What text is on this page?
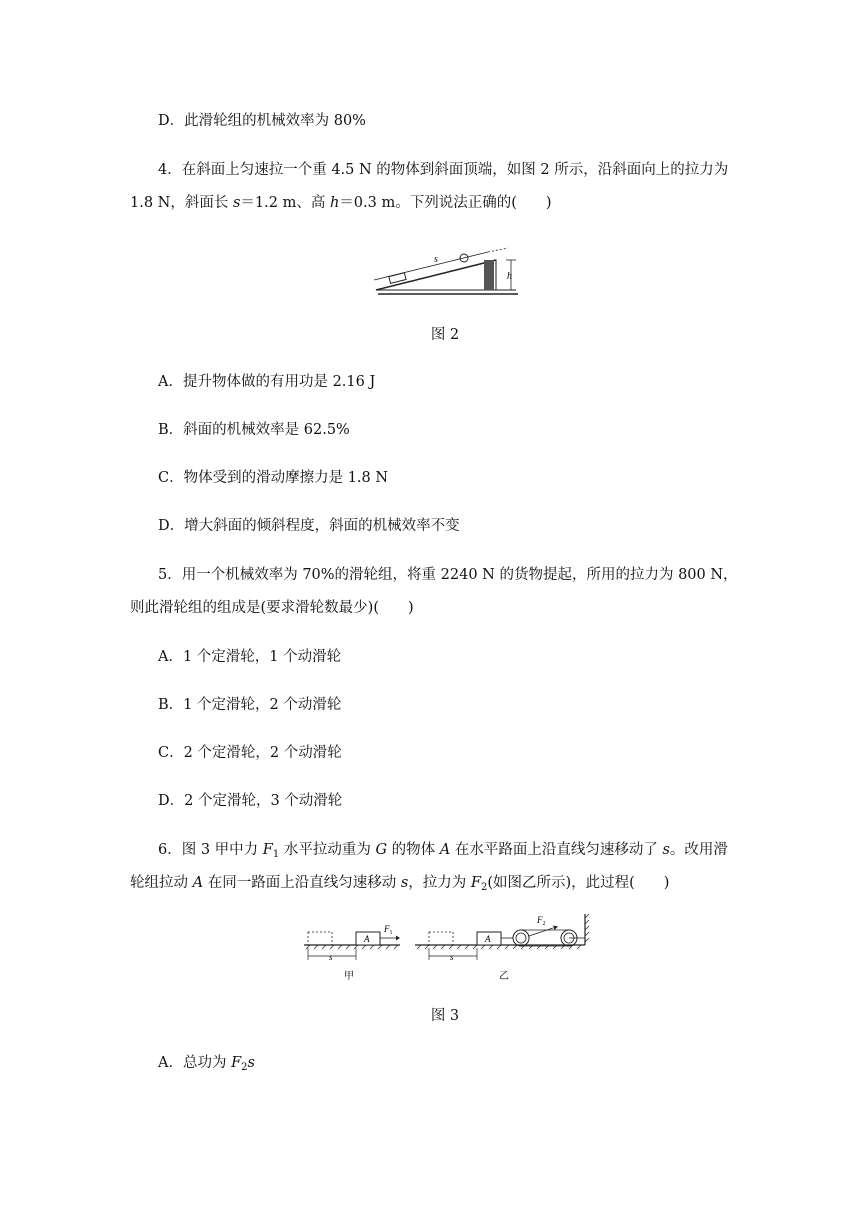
D．此滑轮组的机械效率为 80%
4．在斜面上匀速拉一个重 4.5 N 的物体到斜面顶端，如图 2 所示，沿斜面向上的拉力为
1.8 N，斜面长 s＝1.2 m、高 h＝0.3 m。下列说法正确的(　　)
s
h
图 2
A．提升物体做的有用功是 2.16 J
B．斜面的机械效率是 62.5%
C．物体受到的滑动摩擦力是 1.8 N
D．增大斜面的倾斜程度，斜面的机械效率不变
5．用一个机械效率为 70%的滑轮组，将重 2240 N 的货物提起，所用的拉力为 800 N，
则此滑轮组的组成是(要求滑轮数最少)(　　)
A．1 个定滑轮，1 个动滑轮
B．1 个定滑轮，2 个动滑轮
C．2 个定滑轮，2 个动滑轮
D．2 个定滑轮，3 个动滑轮
6．图 3 甲中力 $F_1$ 水平拉动重为 G 的物体 A 在水平路面上沿直线匀速移动了 s。改用滑
轮组拉动 A 在同一路面上沿直线匀速移动 s，拉力为 $F_2$(如图乙所示)，此过程(　　)
A
$F_1$
s
甲
A
$F_2$
s
乙
图 3
A．总功为 $F_2s$
